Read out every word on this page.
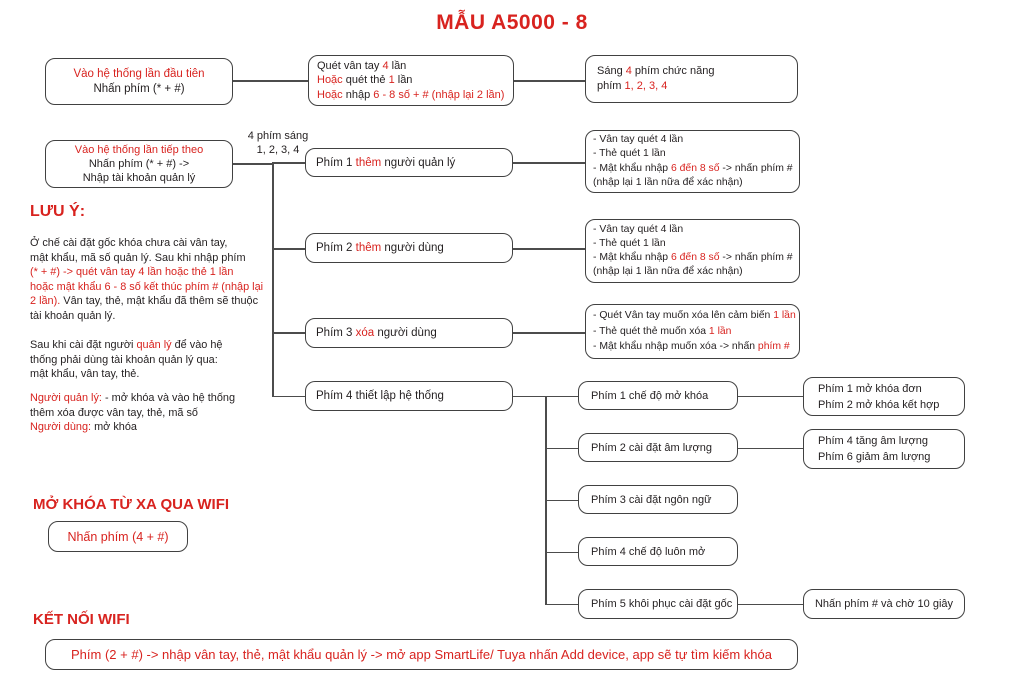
MẪU A5000 - 8
Vào hệ thống lần đầu tiên
Nhấn phím (* + #)
Quét vân tay 4 lần
Hoặc quét thẻ 1 lần
Hoặc nhập 6 - 8 số + # (nhập lại 2 lần)
Sáng 4 phím chức năng
phím 1, 2, 3, 4
Vào hệ thống lần tiếp theo
Nhấn phím (* + #) ->
Nhập tài khoản quản lý
4 phím sáng
1, 2, 3, 4
Phím 1 thêm người quản lý
- Vân tay quét 4 lần
- Thẻ quét 1 lần
- Mật khẩu nhập 6 đến 8 số -> nhấn phím #
(nhập lại 1 lần nữa để xác nhận)
Phím 2 thêm người dùng
- Vân tay quét 4 lần
- Thẻ quét 1 lần
- Mật khẩu nhập 6 đến 8 số -> nhấn phím #
(nhập lại 1 lần nữa để xác nhận)
Phím 3 xóa người dùng
- Quét Vân tay muốn xóa lên cảm biến 1 lần
- Thẻ quét thẻ muốn xóa 1 lần
- Mật khẩu nhập muốn xóa -> nhấn phím #
Phím 4 thiết lập hệ thống	Phím 1 chế độ mở khóa
Phím 2 cài đặt âm lượng
Phím 3 cài đặt ngôn ngữ
Phím 4 chế độ luôn mở
Phím 5 khôi phục cài đặt gốc
Phím 1 mở khóa đơn
Phím 2 mở khóa kết hợp
Phím 4 tăng âm lượng
Phím 6 giảm âm lượng
Nhấn phím # và chờ 10 giây
LƯU Ý:
Ở chế cài đặt gốc khóa chưa cài vân tay,
mật khẩu, mã số quản lý. Sau khi nhập phím
(* + #) -> quét vân tay 4 lần hoặc thẻ 1 lần
hoặc mật khẩu 6 - 8 số kết thúc phím # (nhập lại
2 lần). Vân tay, thẻ, mật khẩu đã thêm sẽ thuộc
tài khoản quản lý.
Sau khi cài đặt người quản lý để vào hệ
thống phải dùng tài khoản quản lý qua:
mật khẩu, vân tay, thẻ.
Người quản lý: - mở khóa và vào hệ thống
thêm xóa được vân tay, thẻ, mã số
Người dùng: mở khóa
MỞ KHÓA TỪ XA QUA WIFI
Nhấn phím (4 + #)
KẾT NỐI WIFI
Phím (2 + #) -> nhập vân tay, thẻ, mật khẩu quản lý -> mở app SmartLife/ Tuya nhấn Add device, app sẽ tự tìm kiếm khóa
